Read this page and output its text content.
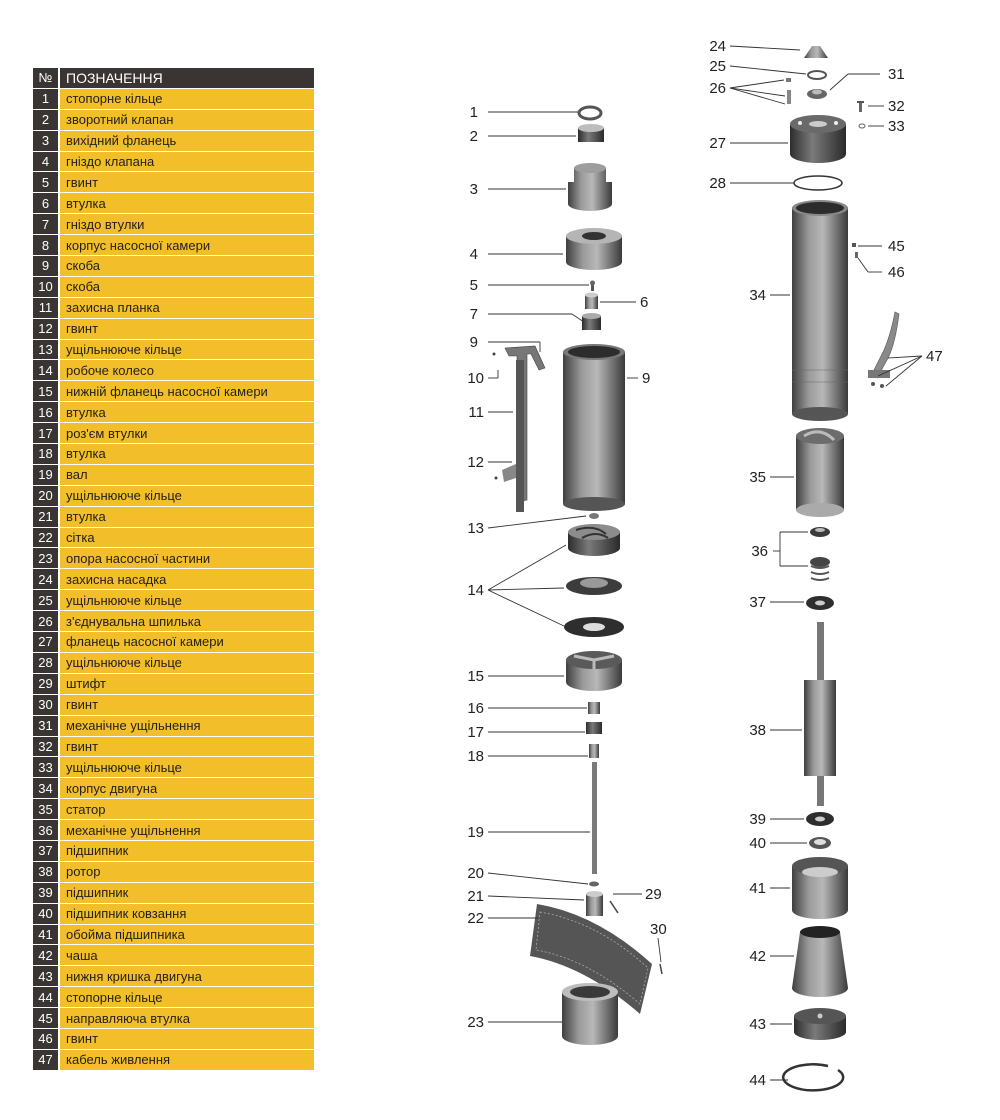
№ ПОЗНАЧЕННЯ
1	стопорне кільце
2	зворотний клапан
3	вихідний фланець
4	гніздо клапана
5	гвинт
6	втулка
7	гніздо втулки
8	корпус насосної камери
9	скоба
10	скоба
11	захисна планка
12	гвинт
13	ущільнююче кільце
14	робоче колесо
15	нижній фланець насосної камери
16	втулка
17	роз'єм втулки
18	втулка
19	вал
20	ущільнююче кільце
21	втулка
22	сітка
23	опора насосної частини
24	захисна насадка
25	ущільнююче кільце
26	з'єднувальна шпилька
27	фланець насосної камери
28	ущільнююче кільце
29	штифт
30	гвинт
31	механічне ущільнення
32	гвинт
33	ущільнююче кільце
34	корпус двигуна
35	статор
36	механічне ущільнення
37	підшипник
38	ротор
39	підшипник
40	підшипник ковзання
41	обойма підшипника
42	чаша
43	нижня кришка двигуна
44	стопорне кільце
45	направляюча втулка
46	гвинт
47	кабель живлення
1
2
3
4
5
6
7
9
9
10
11
12
13
14
15
16
17
18
19
20
21	29
22
30
23
24
25
26
31
32
33
27
28
45
46
34
47
35
36
37
38
39
40
41
42
43
44
